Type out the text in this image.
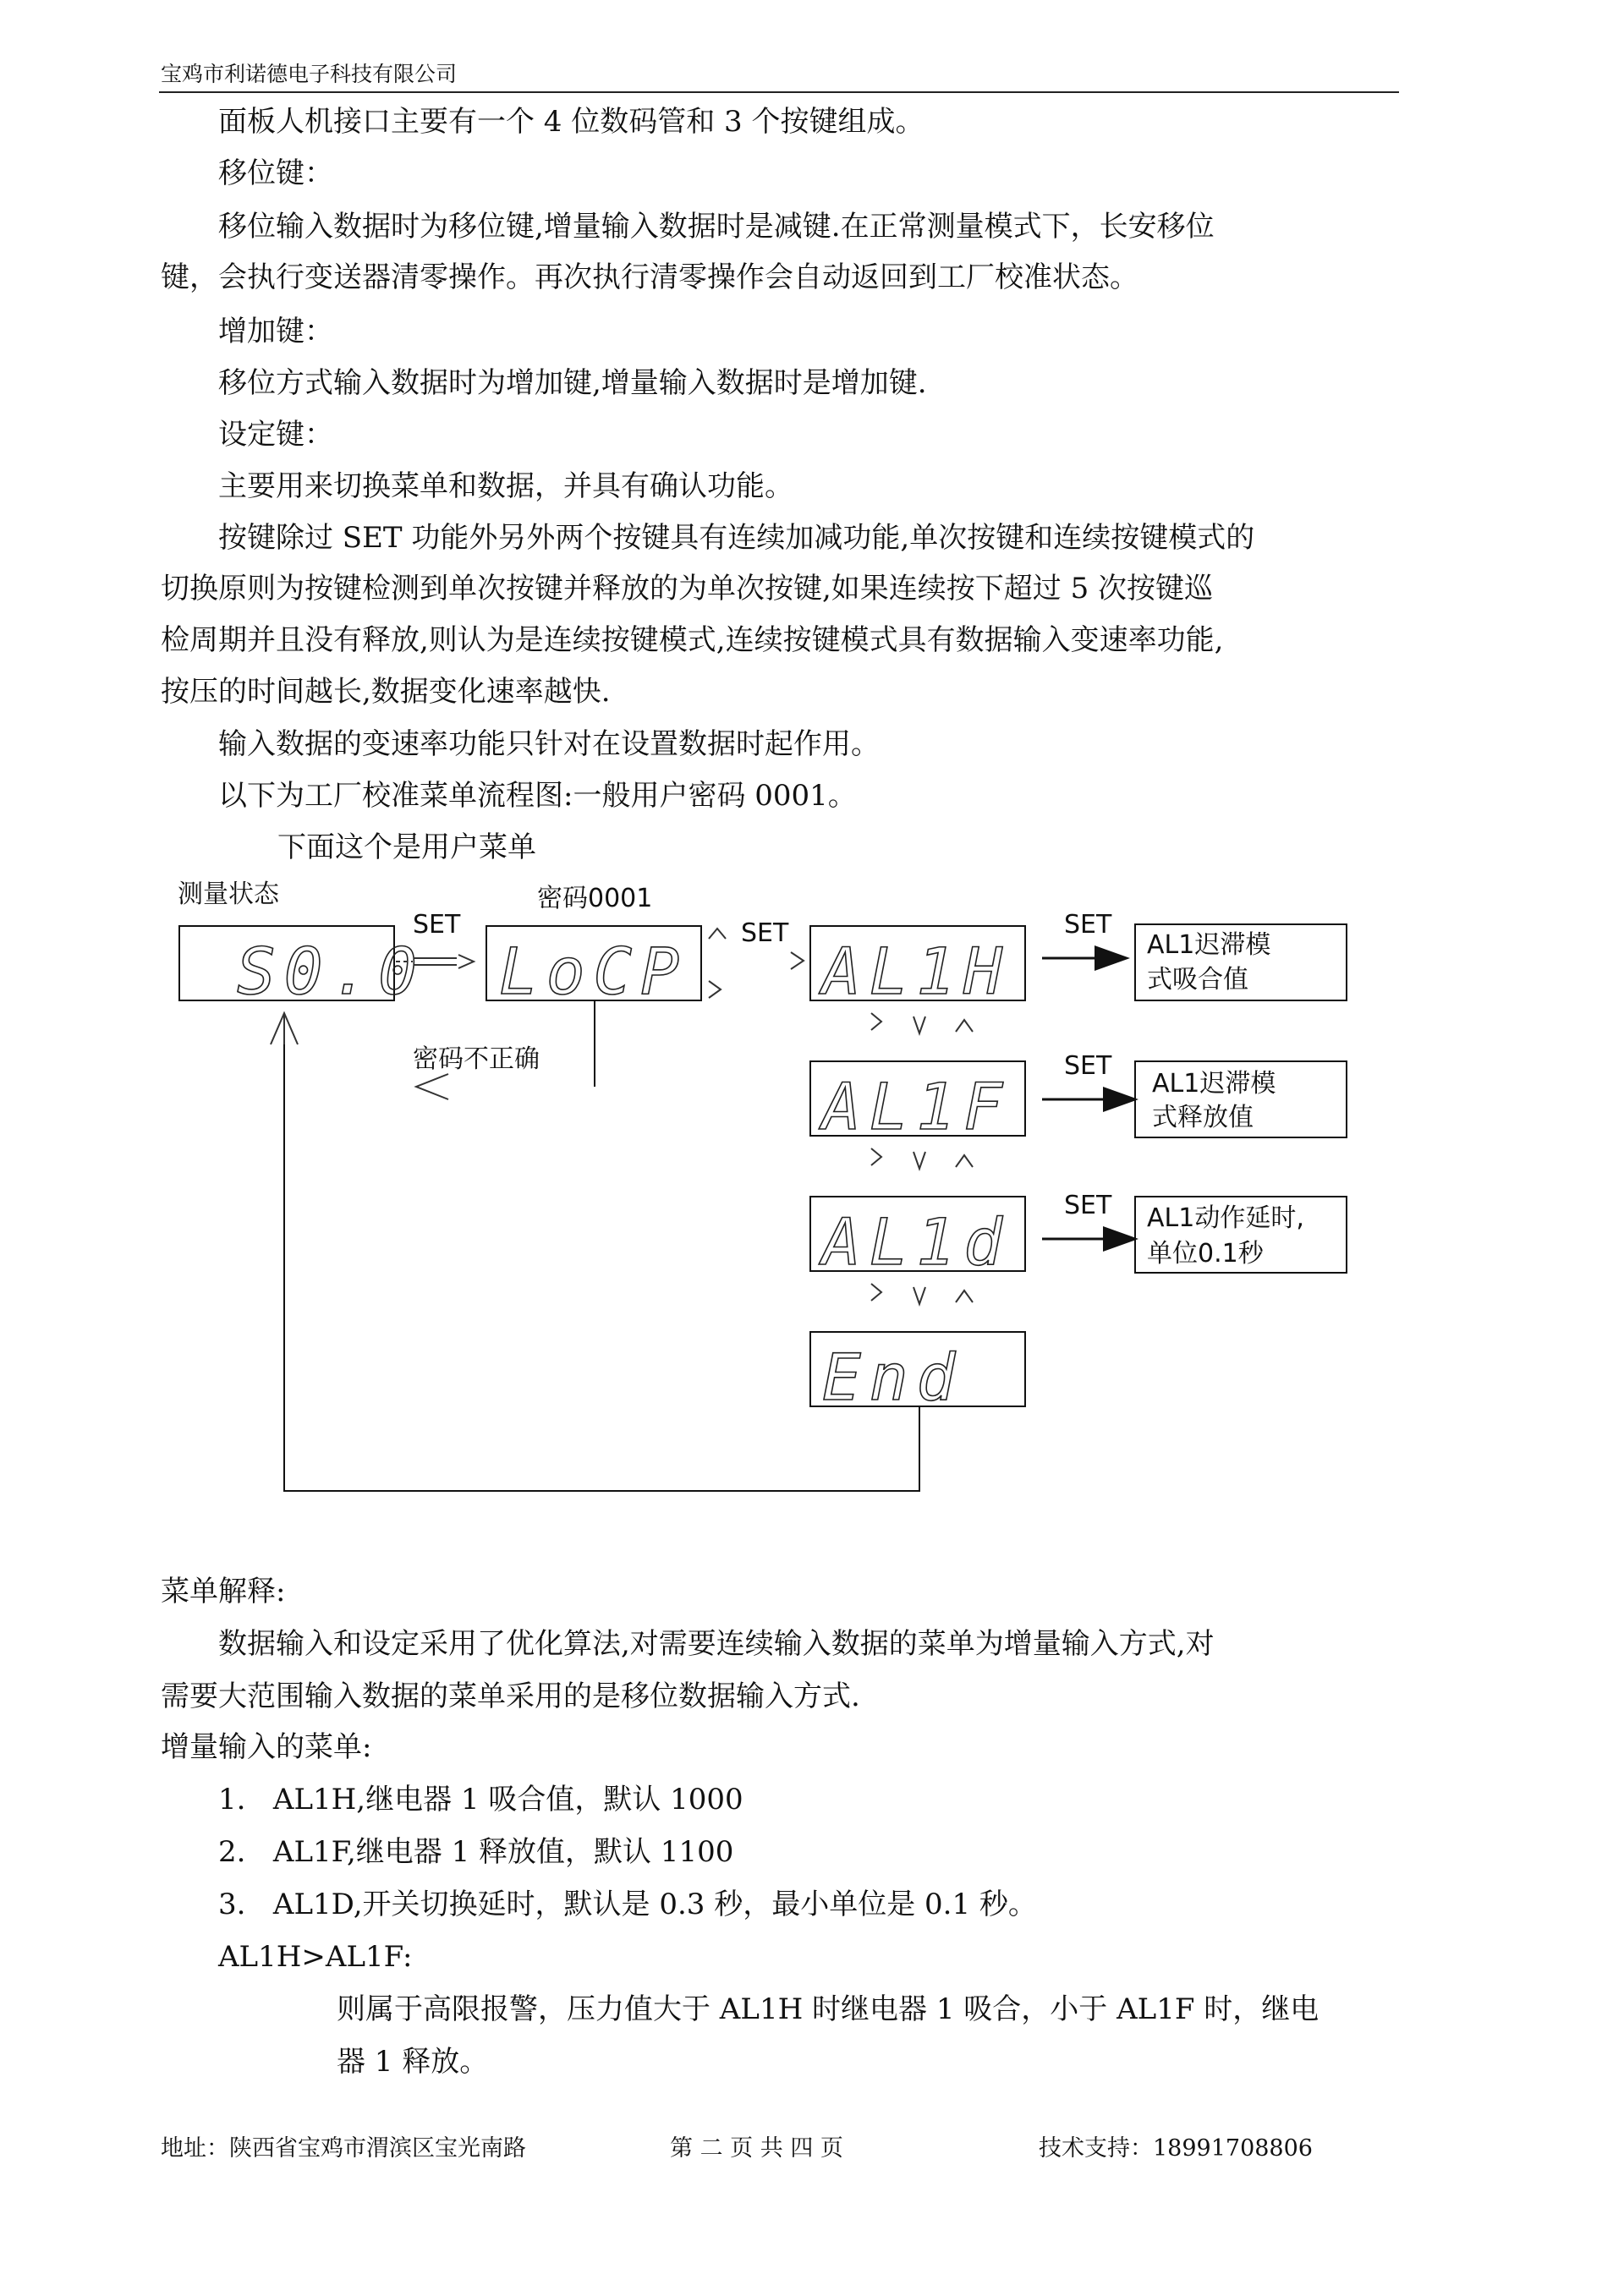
宝鸡市利诺德电子科技有限公司
面板人机接口主要有一个 4 位数码管和 3 个按键组成。
移位键：
移位输入数据时为移位键,增量输入数据时是减键.在正常测量模式下，长安移位
键，会执行变送器清零操作。再次执行清零操作会自动返回到工厂校准状态。
增加键：
移位方式输入数据时为增加键,增量输入数据时是增加键.
设定键：
主要用来切换菜单和数据，并具有确认功能。
按键除过 SET 功能外另外两个按键具有连续加减功能,单次按键和连续按键模式的
切换原则为按键检测到单次按键并释放的为单次按键,如果连续按下超过 5 次按键巡
检周期并且没有释放,则认为是连续按键模式,连续按键模式具有数据输入变速率功能,
按压的时间越长,数据变化速率越快.
输入数据的变速率功能只针对在设置数据时起作用。
以下为工厂校准菜单流程图:一般用户密码 0001。
下面这个是用户菜单
测量状态	密码0001
S0.0
SET
LoCP
SET
密码不正确
AL1H
AL1F
AL1d
End
SET
SET
SET
AL1迟滞模
式吸合值
AL1迟滞模
式释放值
AL1动作延时,
单位0.1秒
菜单解释:
数据输入和设定采用了优化算法,对需要连续输入数据的菜单为增量输入方式,对
需要大范围输入数据的菜单采用的是移位数据输入方式.
增量输入的菜单:
1. AL1H,继电器 1 吸合值，默认 1000
2. AL1F,继电器 1 释放值，默认 1100
3. AL1D,开关切换延时，默认是 0.3 秒，最小单位是 0.1 秒。
AL1H>AL1F:
则属于高限报警，压力值大于 AL1H 时继电器 1 吸合，小于 AL1F 时，继电
器 1 释放。
地址：陕西省宝鸡市渭滨区宝光南路	第 二 页 共 四 页	技术支持：18991708806
